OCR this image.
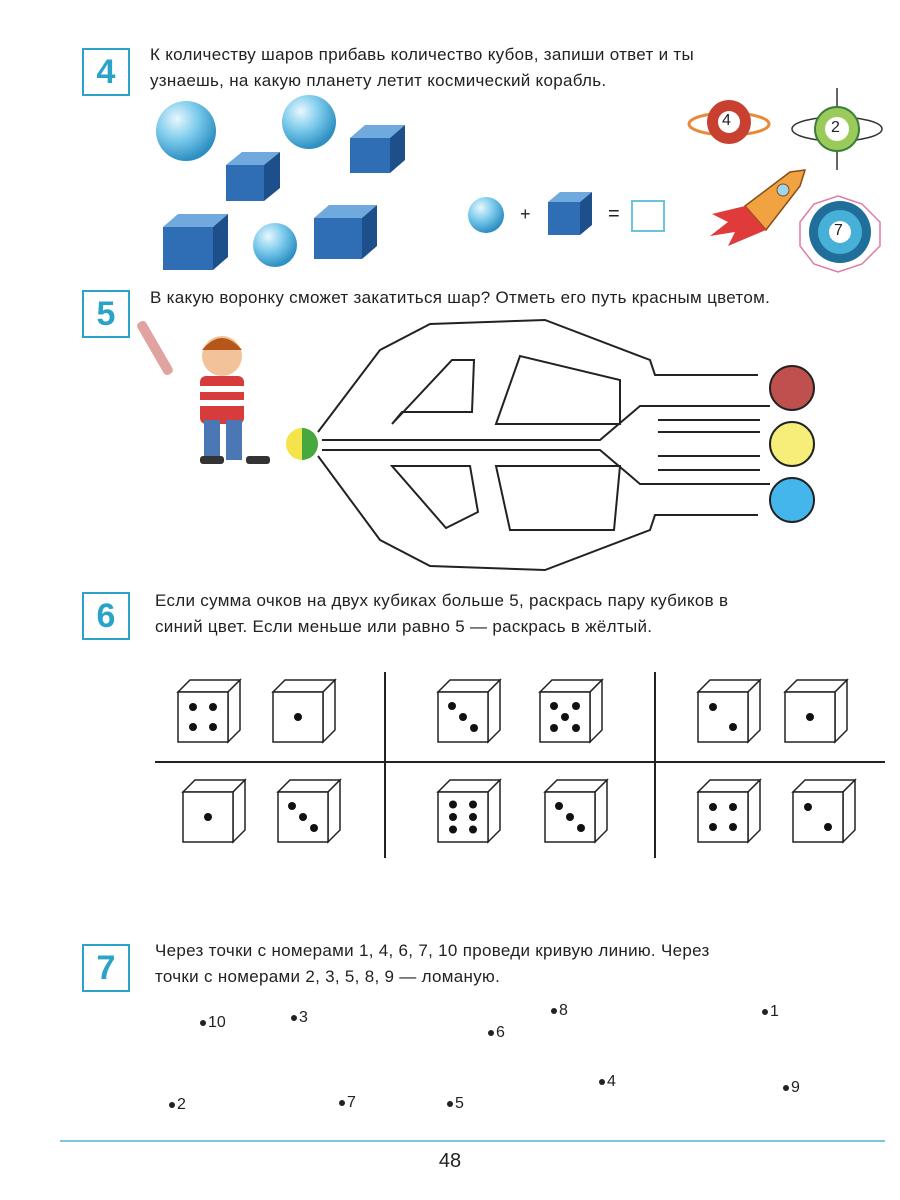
4	К количеству шаров прибавь количество кубов, запиши ответ и ты
узнаешь, на какую планету летит космический корабль.
5	В какую воронку сможет закатиться шар? Отметь его путь красным цветом.
6	Если сумма очков на двух кубиках больше 5, раскрась пару кубиков в
синий цвет. Если меньше или равно 5 — раскрась в жёлтый.
7	Через точки с номерами 1, 4, 6, 7, 10 проведи кривую линию. Через
точки с номерами 2, 3, 5, 8, 9 — ломаную.
10	3	8
6
1
4	9
2	7	5
+	=
4	2
7
48
